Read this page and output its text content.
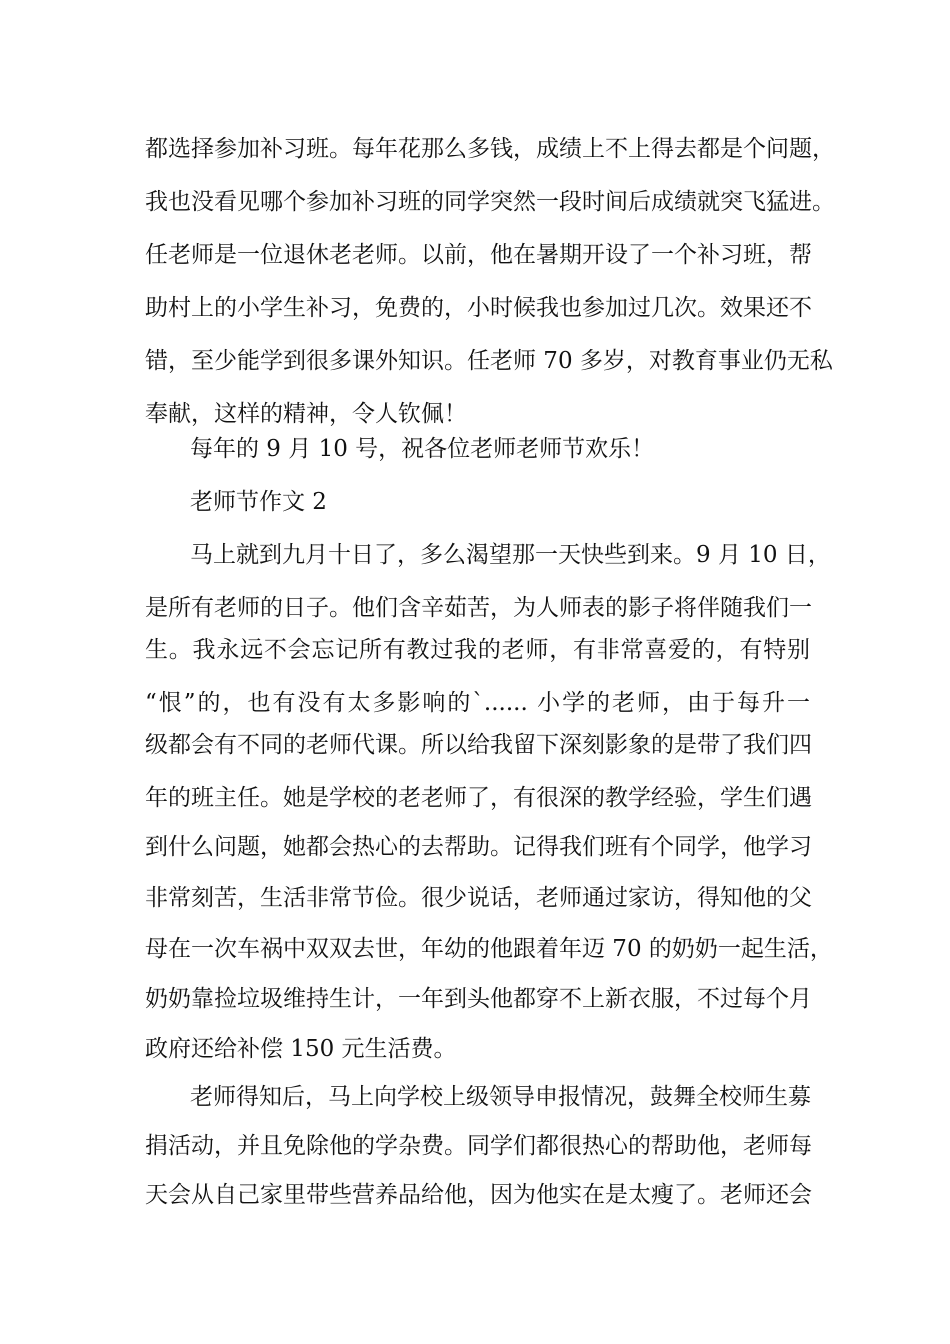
都选择参加补习班。每年花那么多钱，成绩上不上得去都是个问题，
我也没看见哪个参加补习班的同学突然一段时间后成绩就突飞猛进。
任老师是一位退休老老师。以前，他在暑期开设了一个补习班，帮
助村上的小学生补习，免费的，小时候我也参加过几次。效果还不
错，至少能学到很多课外知识。任老师 70 多岁，对教育事业仍无私
奉献，这样的精神，令人钦佩！
每年的 9 月 10 号，祝各位老师老师节欢乐！
老师节作文 2
马上就到九月十日了，多么渴望那一天快些到来。9 月 10 日，
是所有老师的日子。他们含辛茹苦，为人师表的影子将伴随我们一
生。我永远不会忘记所有教过我的老师，有非常喜爱的，有特别
“恨”的，也有没有太多影响的`...... 小学的老师，由于每升一
级都会有不同的老师代课。所以给我留下深刻影象的是带了我们四
年的班主任。她是学校的老老师了，有很深的教学经验，学生们遇
到什么问题，她都会热心的去帮助。记得我们班有个同学，他学习
非常刻苦，生活非常节俭。很少说话，老师通过家访，得知他的父
母在一次车祸中双双去世，年幼的他跟着年迈 70 的奶奶一起生活，
奶奶靠捡垃圾维持生计，一年到头他都穿不上新衣服，不过每个月
政府还给补偿 150 元生活费。
老师得知后，马上向学校上级领导申报情况，鼓舞全校师生募
捐活动，并且免除他的学杂费。同学们都很热心的帮助他，老师每
天会从自己家里带些营养品给他，因为他实在是太瘦了。老师还会
